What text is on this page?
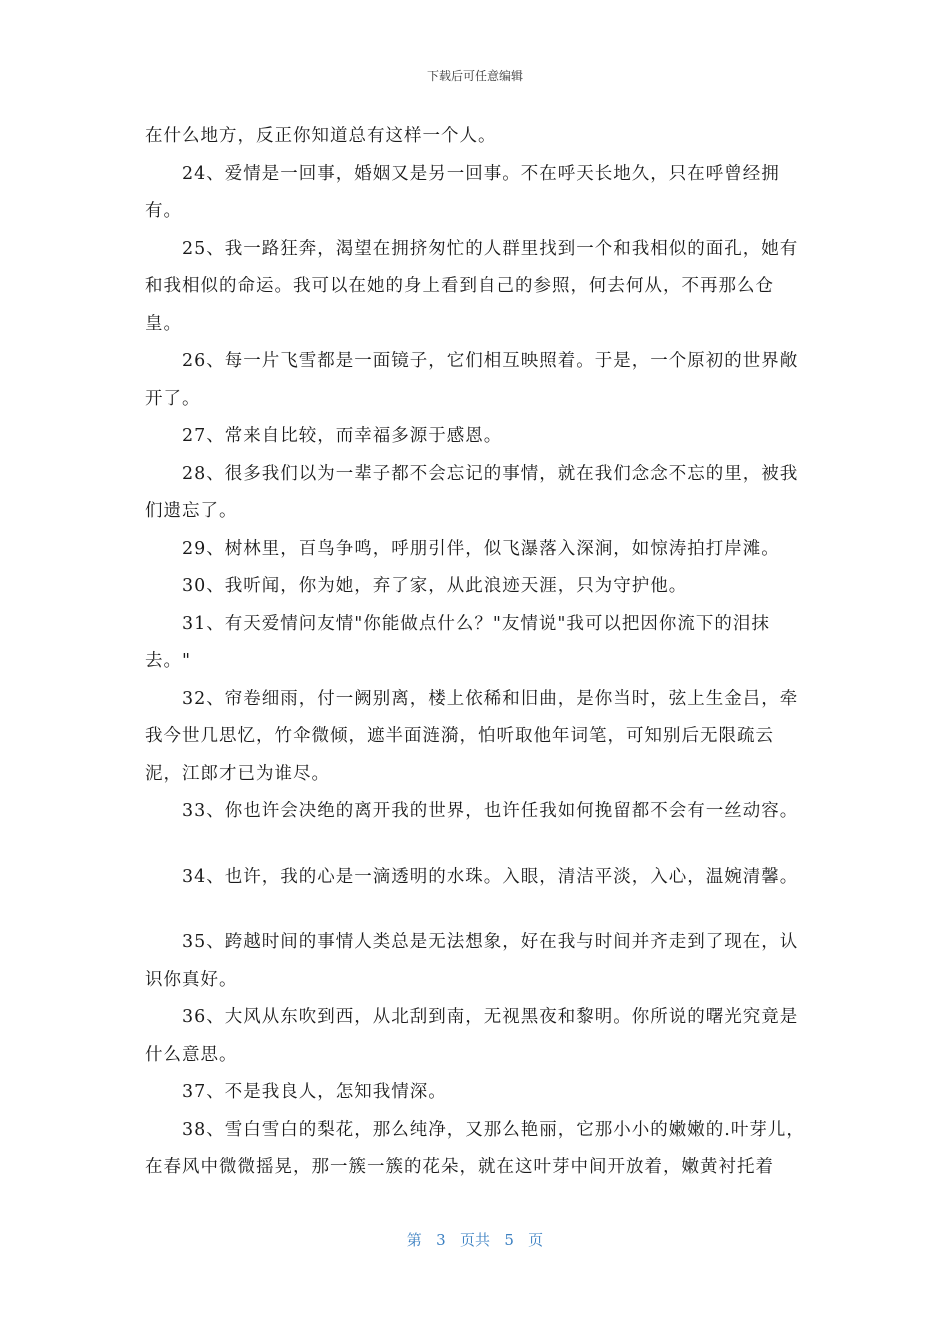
下载后可任意编辑

在什么地方，反正你知道总有这样一个人。

24、爱情是一回事，婚姻又是另一回事。不在呼天长地久，只在呼曾经拥有。

25、我一路狂奔，渴望在拥挤匆忙的人群里找到一个和我相似的面孔，她有和我相似的命运。我可以在她的身上看到自己的参照，何去何从，不再那么仓皇。

26、每一片飞雪都是一面镜子，它们相互映照着。于是，一个原初的世界敞开了。

27、常来自比较，而幸福多源于感恩。

28、很多我们以为一辈子都不会忘记的事情，就在我们念念不忘的里，被我们遗忘了。

29、树林里，百鸟争鸣，呼朋引伴，似飞瀑落入深涧，如惊涛拍打岸滩。

30、我听闻，你为她，弃了家，从此浪迹天涯，只为守护他。

31、有天爱情问友情"你能做点什么？"友情说"我可以把因你流下的泪抹去。"

32、帘卷细雨，付一阙别离，楼上依稀和旧曲，是你当时，弦上生金吕，牵我今世几思忆，竹伞微倾，遮半面涟漪，怕听取他年词笔，可知别后无限疏云泥，江郎才已为谁尽。

33、你也许会决绝的离开我的世界，也许任我如何挽留都不会有一丝动容。

34、也许，我的心是一滴透明的水珠。入眼，清洁平淡，入心，温婉清馨。

35、跨越时间的事情人类总是无法想象，好在我与时间并齐走到了现在，认识你真好。

36、大风从东吹到西，从北刮到南，无视黑夜和黎明。你所说的曙光究竟是什么意思。

37、不是我良人，怎知我情深。

38、雪白雪白的梨花，那么纯净，又那么艳丽，它那小小的嫩嫩的.叶芽儿，在春风中微微摇晃，那一簇一簇的花朵，就在这叶芽中间开放着，嫩黄衬托着

第 3 页共 5 页
